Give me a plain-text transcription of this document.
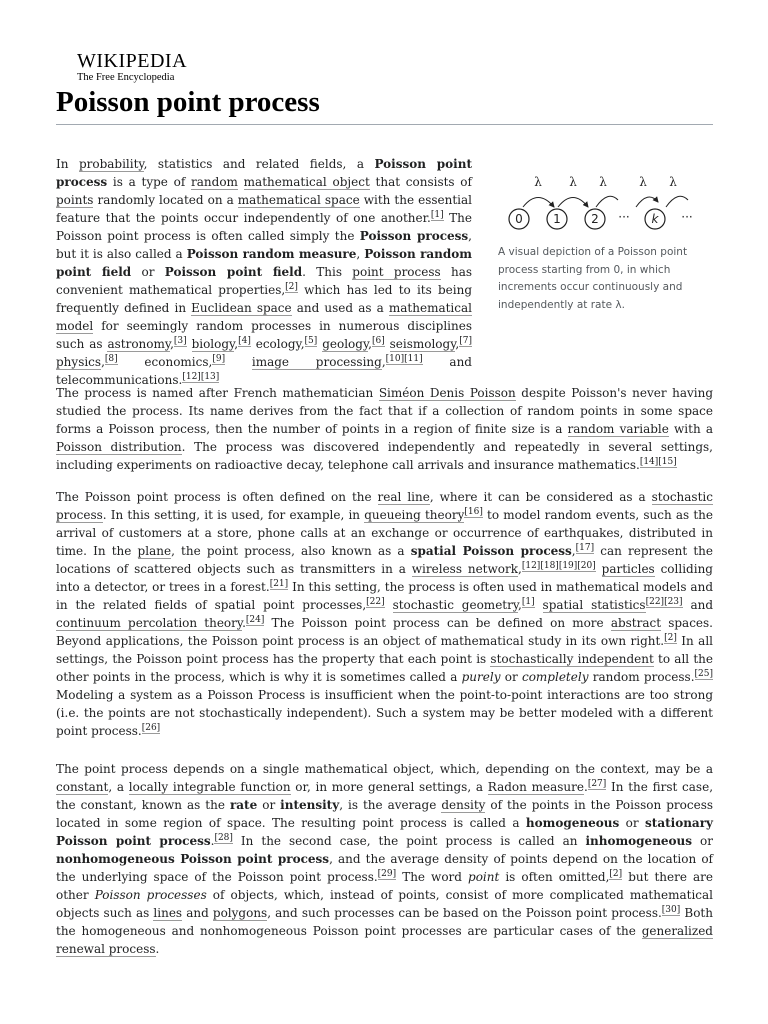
WIKIPEDIA
The Free Encyclopedia
Poisson point process
λ λ λ	λ λ
0	1	2	k
···	···
A visual depiction of a Poisson point process starting from 0, in which increments occur continuously and independently at rate λ.

In probability, statistics and related fields, a Poisson point process is a type of random mathematical object that consists of points randomly located on a mathematical space with the essential feature that the points occur independently of one another.[1] The Poisson point process is often called simply the Poisson process, but it is also called a Poisson random measure, Poisson random point field or Poisson point field. This point process has convenient mathematical properties,[2] which has led to its being frequently defined in Euclidean space and used as a mathematical model for seemingly random processes in numerous disciplines such as astronomy,[3] biology,[4] ecology,[5] geology,[6] seismology,[7] physics,[8] economics,[9] image processing,[10][11] and telecommunications.[12][13]

The process is named after French mathematician Siméon Denis Poisson despite Poisson's never having studied the process. Its name derives from the fact that if a collection of random points in some space forms a Poisson process, then the number of points in a region of finite size is a random variable with a Poisson distribution. The process was discovered independently and repeatedly in several settings, including experiments on radioactive decay, telephone call arrivals and insurance mathematics.[14][15]

The Poisson point process is often defined on the real line, where it can be considered as a stochastic process. In this setting, it is used, for example, in queueing theory[16] to model random events, such as the arrival of customers at a store, phone calls at an exchange or occurrence of earthquakes, distributed in time. In the plane, the point process, also known as a spatial Poisson process,[17] can represent the locations of scattered objects such as transmitters in a wireless network,[12][18][19][20] particles colliding into a detector, or trees in a forest.[21] In this setting, the process is often used in mathematical models and in the related fields of spatial point processes,[22] stochastic geometry,[1] spatial statistics[22][23] and continuum percolation theory.[24] The Poisson point process can be defined on more abstract spaces. Beyond applications, the Poisson point process is an object of mathematical study in its own right.[2] In all settings, the Poisson point process has the property that each point is stochastically independent to all the other points in the process, which is why it is sometimes called a purely or completely random process.[25] Modeling a system as a Poisson Process is insufficient when the point-to-point interactions are too strong (i.e. the points are not stochastically independent). Such a system may be better modeled with a different point process.[26]

The point process depends on a single mathematical object, which, depending on the context, may be a constant, a locally integrable function or, in more general settings, a Radon measure.[27] In the first case, the constant, known as the rate or intensity, is the average density of the points in the Poisson process located in some region of space. The resulting point process is called a homogeneous or stationary Poisson point process.[28] In the second case, the point process is called an inhomogeneous or nonhomogeneous Poisson point process, and the average density of points depend on the location of the underlying space of the Poisson point process.[29] The word point is often omitted,[2] but there are other Poisson processes of objects, which, instead of points, consist of more complicated mathematical objects such as lines and polygons, and such processes can be based on the Poisson point process.[30] Both the homogeneous and nonhomogeneous Poisson point processes are particular cases of the generalized renewal process.
